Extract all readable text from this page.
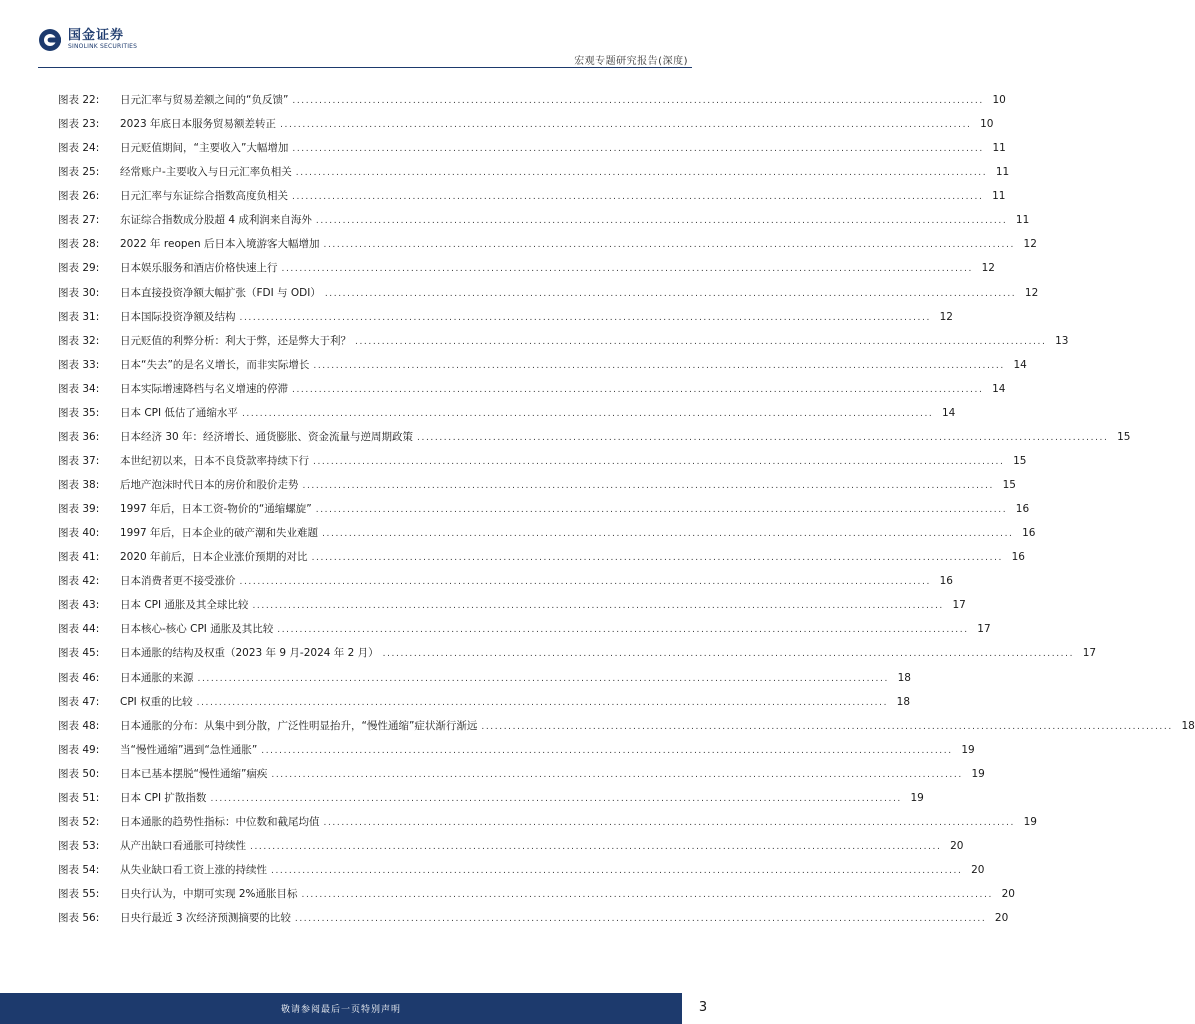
国金证券
SINOLINK SECURITIES
宏观专题研究报告(深度)
图表 22:	日元汇率与贸易差额之间的“负反馈” .....	10
图表 23:	2023 年底日本服务贸易额差转正 .....	10
图表 24:	日元贬值期间，“主要收入”大幅增加 .....	11
图表 25:	经常账户-主要收入与日元汇率负相关 .....	11
图表 26:	日元汇率与东证综合指数高度负相关 .....	11
图表 27:	东证综合指数成分股超 4 成利润来自海外 .....	11
图表 28:	2022 年 reopen 后日本入境游客大幅增加 .....	12
图表 29:	日本娱乐服务和酒店价格快速上行 .....	12
图表 30:	日本直接投资净额大幅扩张（FDI 与 ODI） .....	12
图表 31:	日本国际投资净额及结构 .....	12
图表 32:	日元贬值的利弊分析：利大于弊，还是弊大于利？ .....	13
图表 33:	日本“失去”的是名义增长，而非实际增长 .....	14
图表 34:	日本实际增速降档与名义增速的停滞 .....	14
图表 35:	日本 CPI 低估了通缩水平 .....	14
图表 36:	日本经济 30 年：经济增长、通货膨胀、资金流量与逆周期政策 .....	15
图表 37:	本世纪初以来，日本不良贷款率持续下行 .....	15
图表 38:	后地产泡沫时代日本的房价和股价走势 .....	15
图表 39:	1997 年后，日本工资-物价的“通缩螺旋” .....	16
图表 40:	1997 年后，日本企业的破产潮和失业难题 .....	16
图表 41:	2020 年前后，日本企业涨价预期的对比 .....	16
图表 42:	日本消费者更不接受涨价 .....	16
图表 43:	日本 CPI 通胀及其全球比较 .....	17
图表 44:	日本核心-核心 CPI 通胀及其比较 .....	17
图表 45:	日本通胀的结构及权重（2023 年 9 月-2024 年 2 月） .....	17
图表 46:	日本通胀的来源 .....	18
图表 47:	CPI 权重的比较 .....	18
图表 48:	日本通胀的分布：从集中到分散，广泛性明显抬升，“慢性通缩”症状渐行渐远 .....	18
图表 49:	当“慢性通缩”遇到“急性通胀” .....	19
图表 50:	日本已基本摆脱“慢性通缩”痼疾 .....	19
图表 51:	日本 CPI 扩散指数 .....	19
图表 52:	日本通胀的趋势性指标：中位数和截尾均值 .....	19
图表 53:	从产出缺口看通胀可持续性 .....	20
图表 54:	从失业缺口看工资上涨的持续性 .....	20
图表 55:	日央行认为，中期可实现 2%通胀目标 .....	20
图表 56:	日央行最近 3 次经济预测摘要的比较 .....	20
敬请参阅最后一页特别声明	3
